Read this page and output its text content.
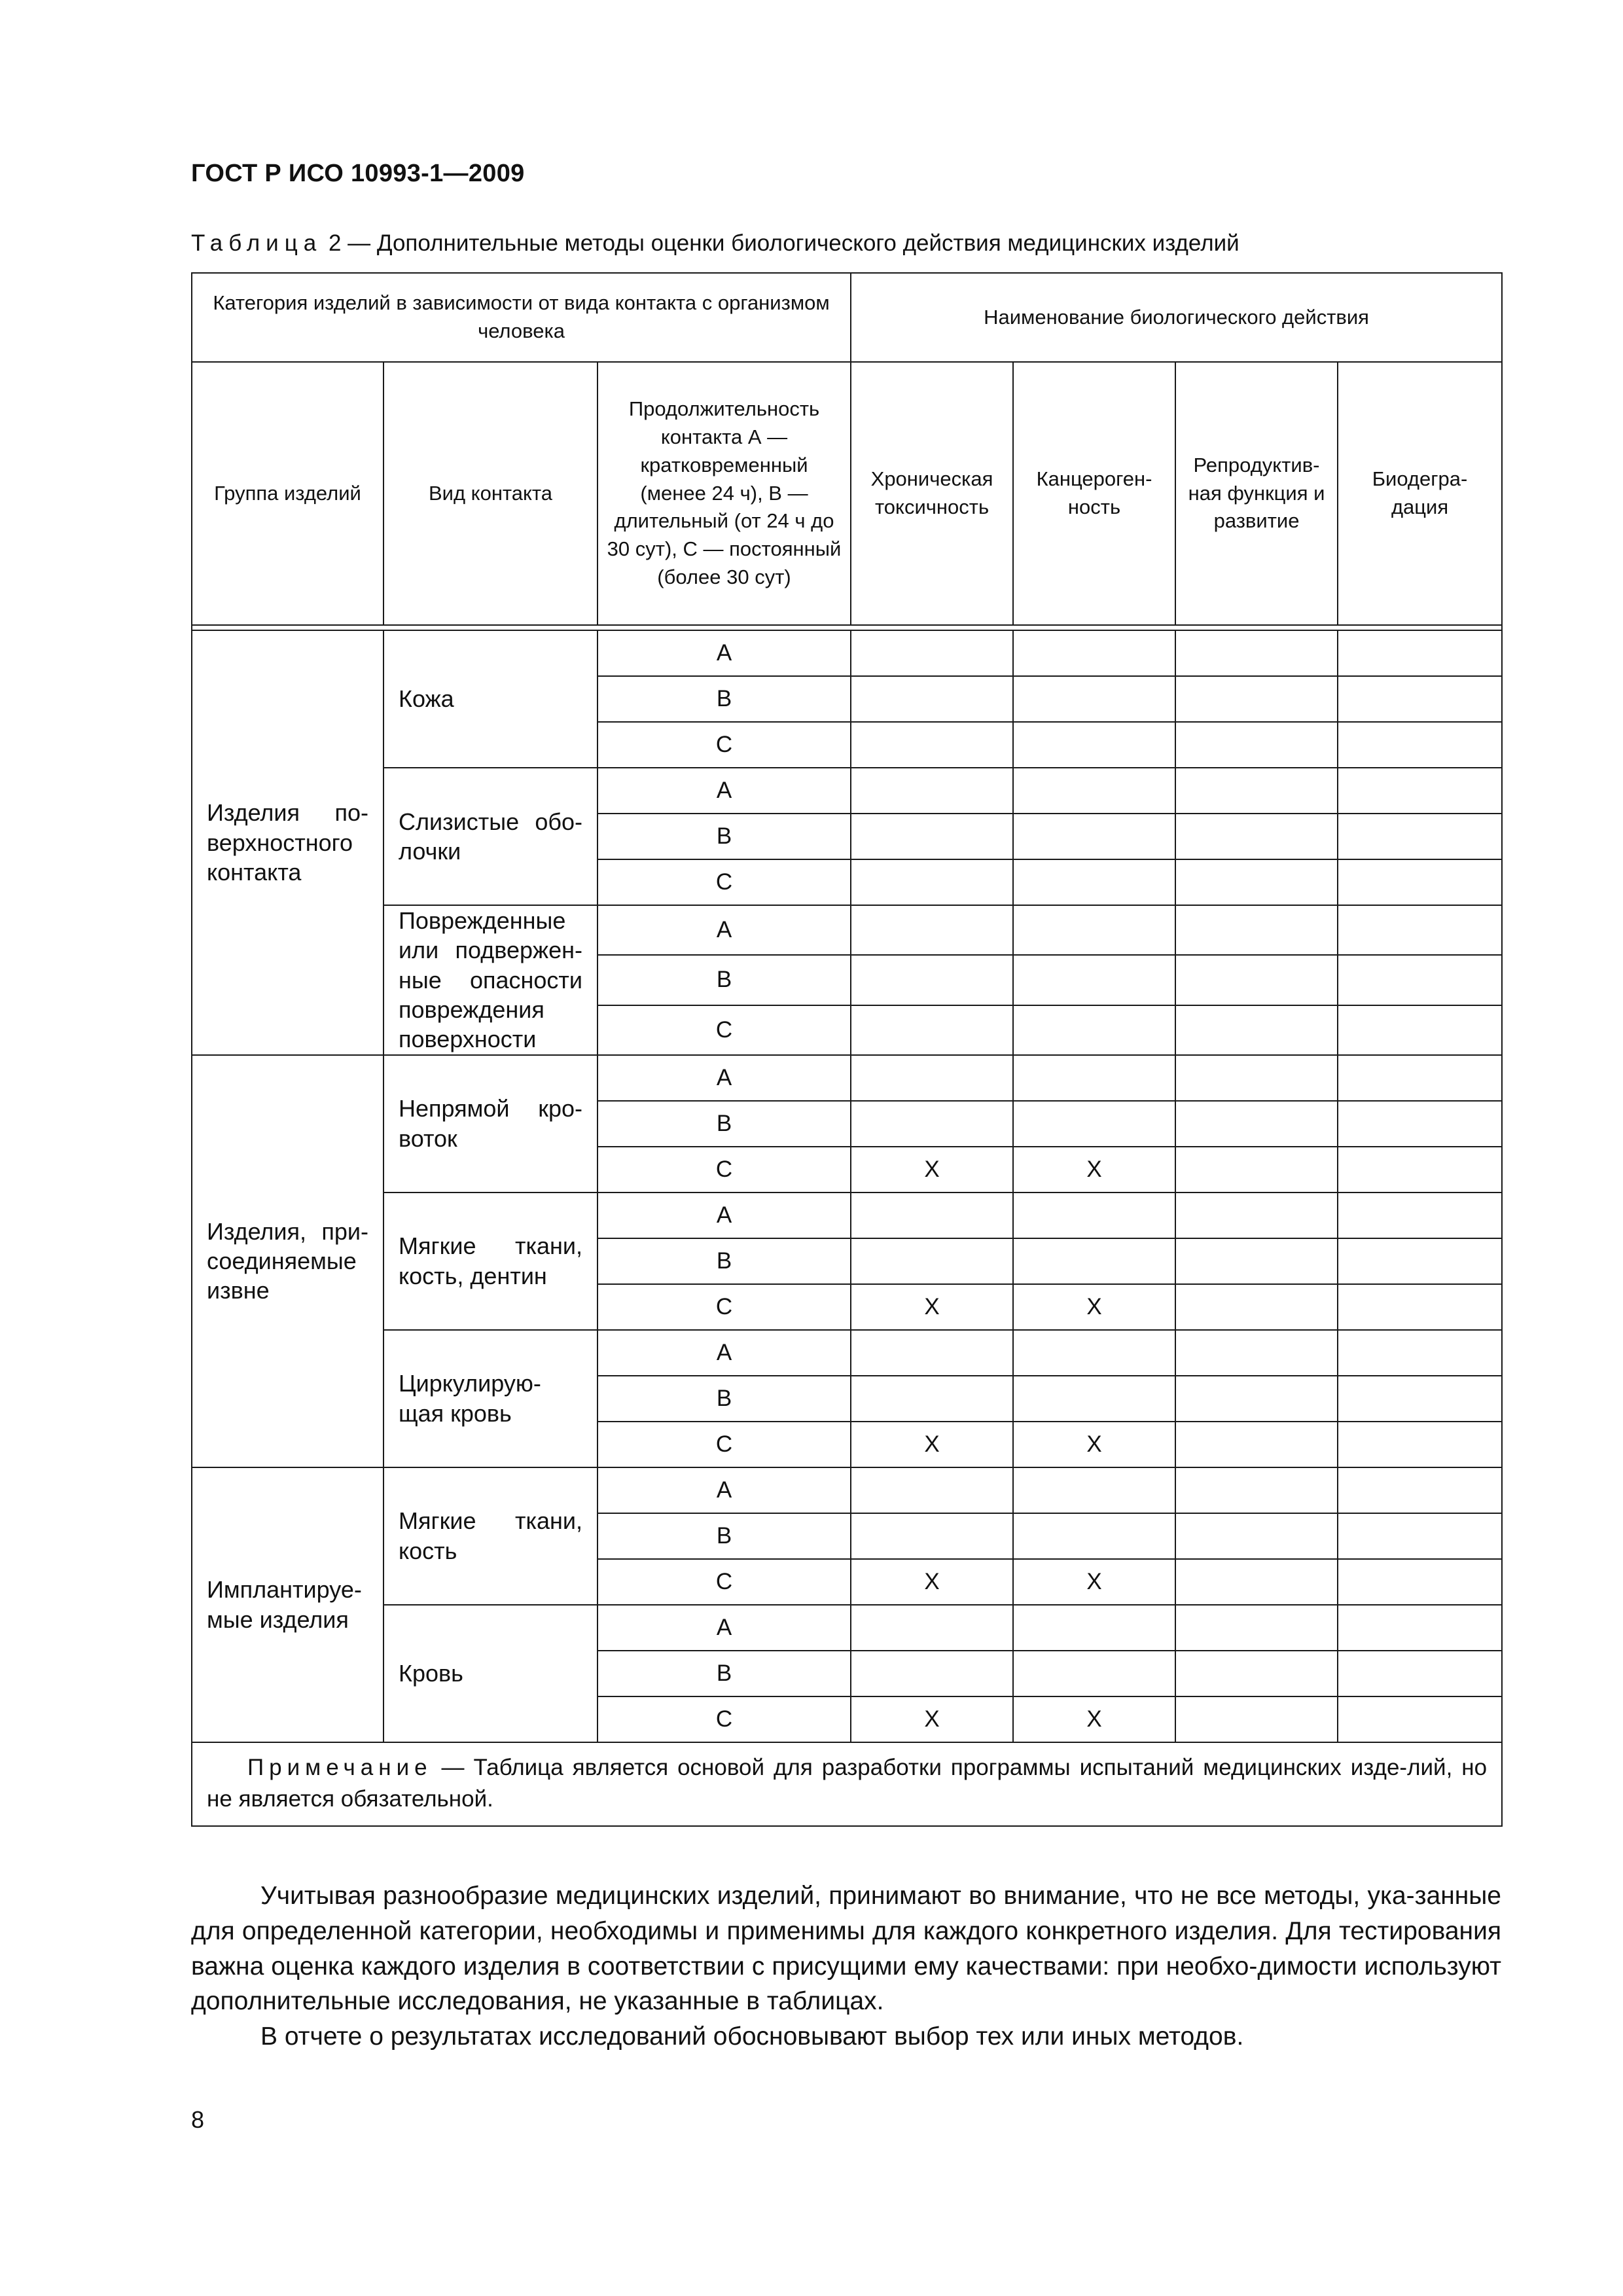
ГОСТ Р ИСО 10993-1—2009
Таблица 2 — Дополнительные методы оценки биологического действия медицинских изделий
Категория изделий в зависимости от вида контакта с организмом человека			Наименование биологического действия			
Группа изделий	Вид контакта	Продолжительность контакта А — кратковременный (менее 24 ч), В — длительный (от 24 ч до 30 сут), С — постоянный (более 30 сут)	Хроническая токсичность	Канцероген-ность	Репродуктив-ная функция и развитие	Биодегра-дация

Изделия по-верхностного контакта	Кожа	А				
		В				
		С				
	Слизистые обо-лочки	А				
		В				
		С				
	Поврежденные или подвержен-ные опасности повреждения поверхности	А				
		В				
		С				
Изделия, при-соединяемые извне	Непрямой кро-воток	А				
		В				
		С	Х	Х		
	Мягкие ткани, кость, дентин	А				
		В				
		С	Х	Х		
	Циркулирую-щая кровь	А				
		В				
		С	Х	Х		
Имплантируе-мые изделия	Мягкие ткани, кость	А				
		В				
		С	Х	Х		
	Кровь	А				
		В				
		С	Х	Х		
Примечание — Таблица является основой для разработки программы испытаний медицинских изде-лий, но не является обязательной.						

Учитывая разнообразие медицинских изделий, принимают во внимание, что не все методы, ука-занные для определенной категории, необходимы и применимы для каждого конкретного изделия. Для тестирования важна оценка каждого изделия в соответствии с присущими ему качествами: при необхо-димости используют дополнительные исследования, не указанные в таблицах.

В отчете о результатах исследований обосновывают выбор тех или иных методов.

8
